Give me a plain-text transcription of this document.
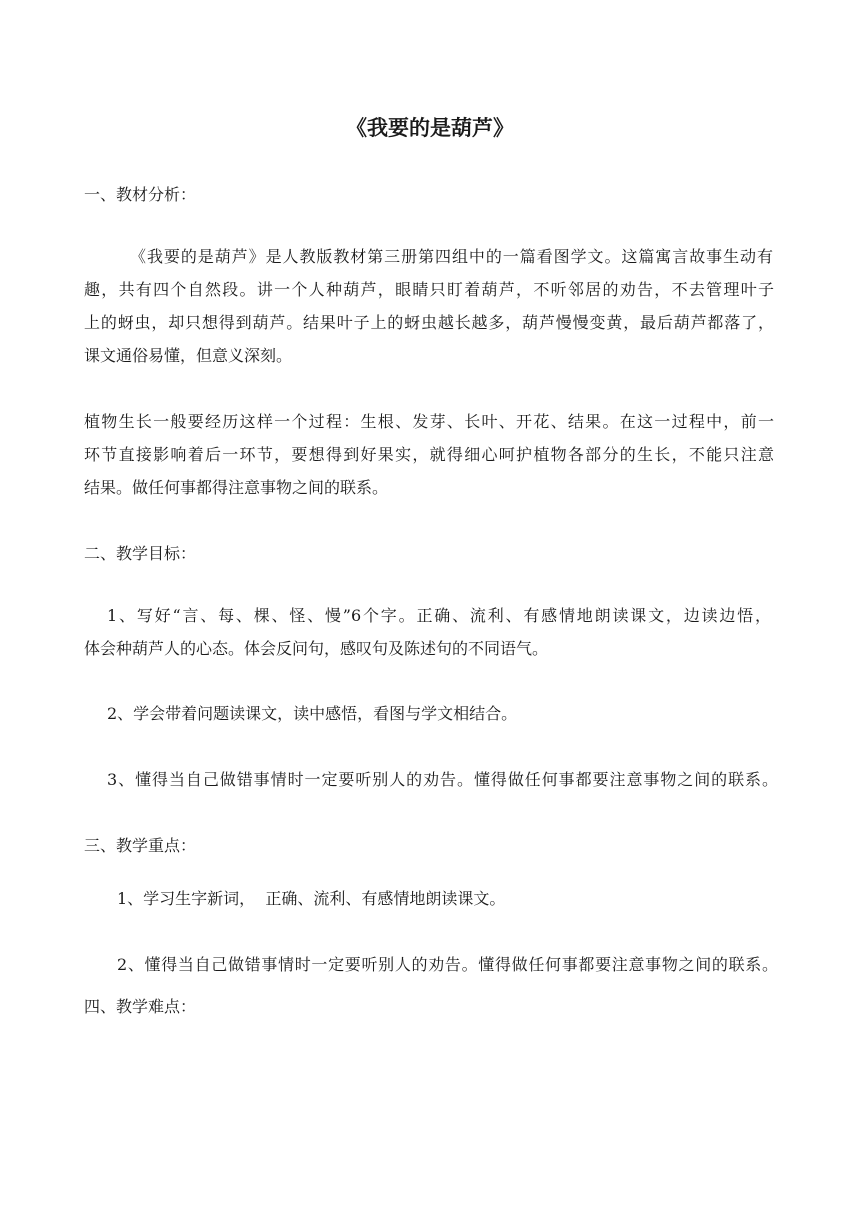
《我要的是葫芦》

一、教材分析：

《我要的是葫芦》是人教版教材第三册第四组中的一篇看图学文。这篇寓言故事生动有

趣，共有四个自然段。讲一个人种葫芦，眼睛只盯着葫芦，不听邻居的劝告，不去管理叶子

上的蚜虫，却只想得到葫芦。结果叶子上的蚜虫越长越多，葫芦慢慢变黄，最后葫芦都落了，

课文通俗易懂，但意义深刻。

植物生长一般要经历这样一个过程：生根、发芽、长叶、开花、结果。在这一过程中，前一

环节直接影响着后一环节，要想得到好果实，就得细心呵护植物各部分的生长，不能只注意

结果。做任何事都得注意事物之间的联系。

二、教学目标：

1、写好“言、每、棵、怪、慢”6个字。正确、流利、有感情地朗读课文，边读边悟，

体会种葫芦人的心态。体会反问句，感叹句及陈述句的不同语气。

2、学会带着问题读课文，读中感悟，看图与学文相结合。

3、懂得当自己做错事情时一定要听别人的劝告。懂得做任何事都要注意事物之间的联系。

三、教学重点：

1、学习生字新词，  正确、流利、有感情地朗读课文。

2、懂得当自己做错事情时一定要听别人的劝告。懂得做任何事都要注意事物之间的联系。

四、教学难点：
